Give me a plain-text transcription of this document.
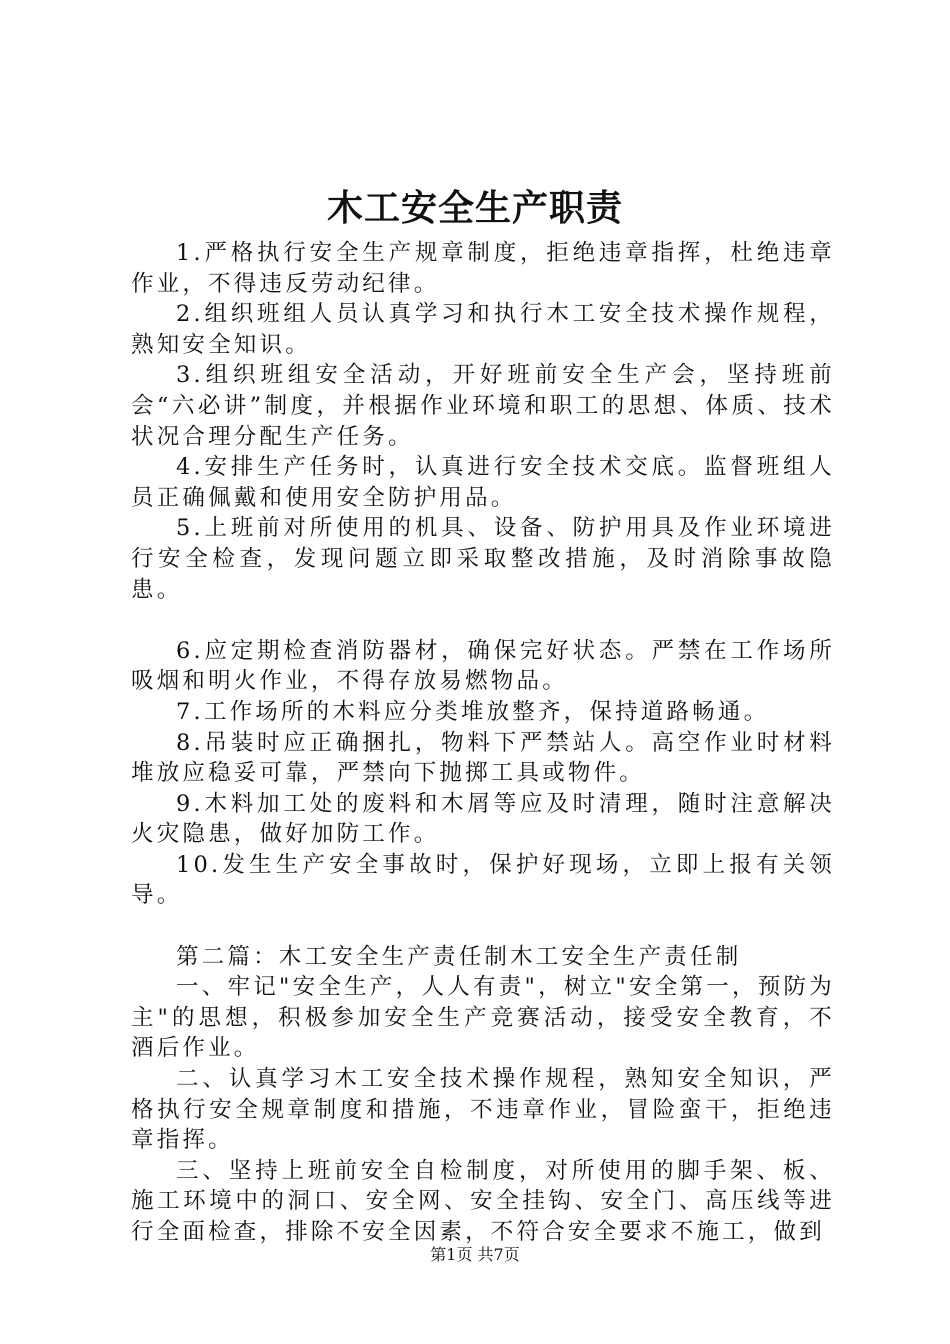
木工安全生产职责

1.严格执行安全生产规章制度，拒绝违章指挥，杜绝违章作业，不得违反劳动纪律。

2.组织班组人员认真学习和执行木工安全技术操作规程，熟知安全知识。

3.组织班组安全活动，开好班前安全生产会，坚持班前会“六必讲”制度，并根据作业环境和职工的思想、体质、技术状况合理分配生产任务。

4.安排生产任务时，认真进行安全技术交底。监督班组人员正确佩戴和使用安全防护用品。

5.上班前对所使用的机具、设备、防护用具及作业环境进行安全检查，发现问题立即采取整改措施，及时消除事故隐患。

6.应定期检查消防器材，确保完好状态。严禁在工作场所吸烟和明火作业，不得存放易燃物品。

7.工作场所的木料应分类堆放整齐，保持道路畅通。

8.吊装时应正确捆扎，物料下严禁站人。高空作业时材料堆放应稳妥可靠，严禁向下抛掷工具或物件。

9.木料加工处的废料和木屑等应及时清理，随时注意解决火灾隐患，做好加防工作。

10.发生生产安全事故时，保护好现场，立即上报有关领导。

第二篇：木工安全生产责任制木工安全生产责任制

一、牢记"安全生产，人人有责"，树立"安全第一，预防为主"的思想，积极参加安全生产竞赛活动，接受安全教育，不酒后作业。

二、认真学习木工安全技术操作规程，熟知安全知识，严格执行安全规章制度和措施，不违章作业，冒险蛮干，拒绝违章指挥。

三、坚持上班前安全自检制度，对所使用的脚手架、板、施工环境中的洞口、安全网、安全挂钩、安全门、高压线等进行全面检查，排除不安全因素，不符合安全要求不施工，做到

第1页 共7页
